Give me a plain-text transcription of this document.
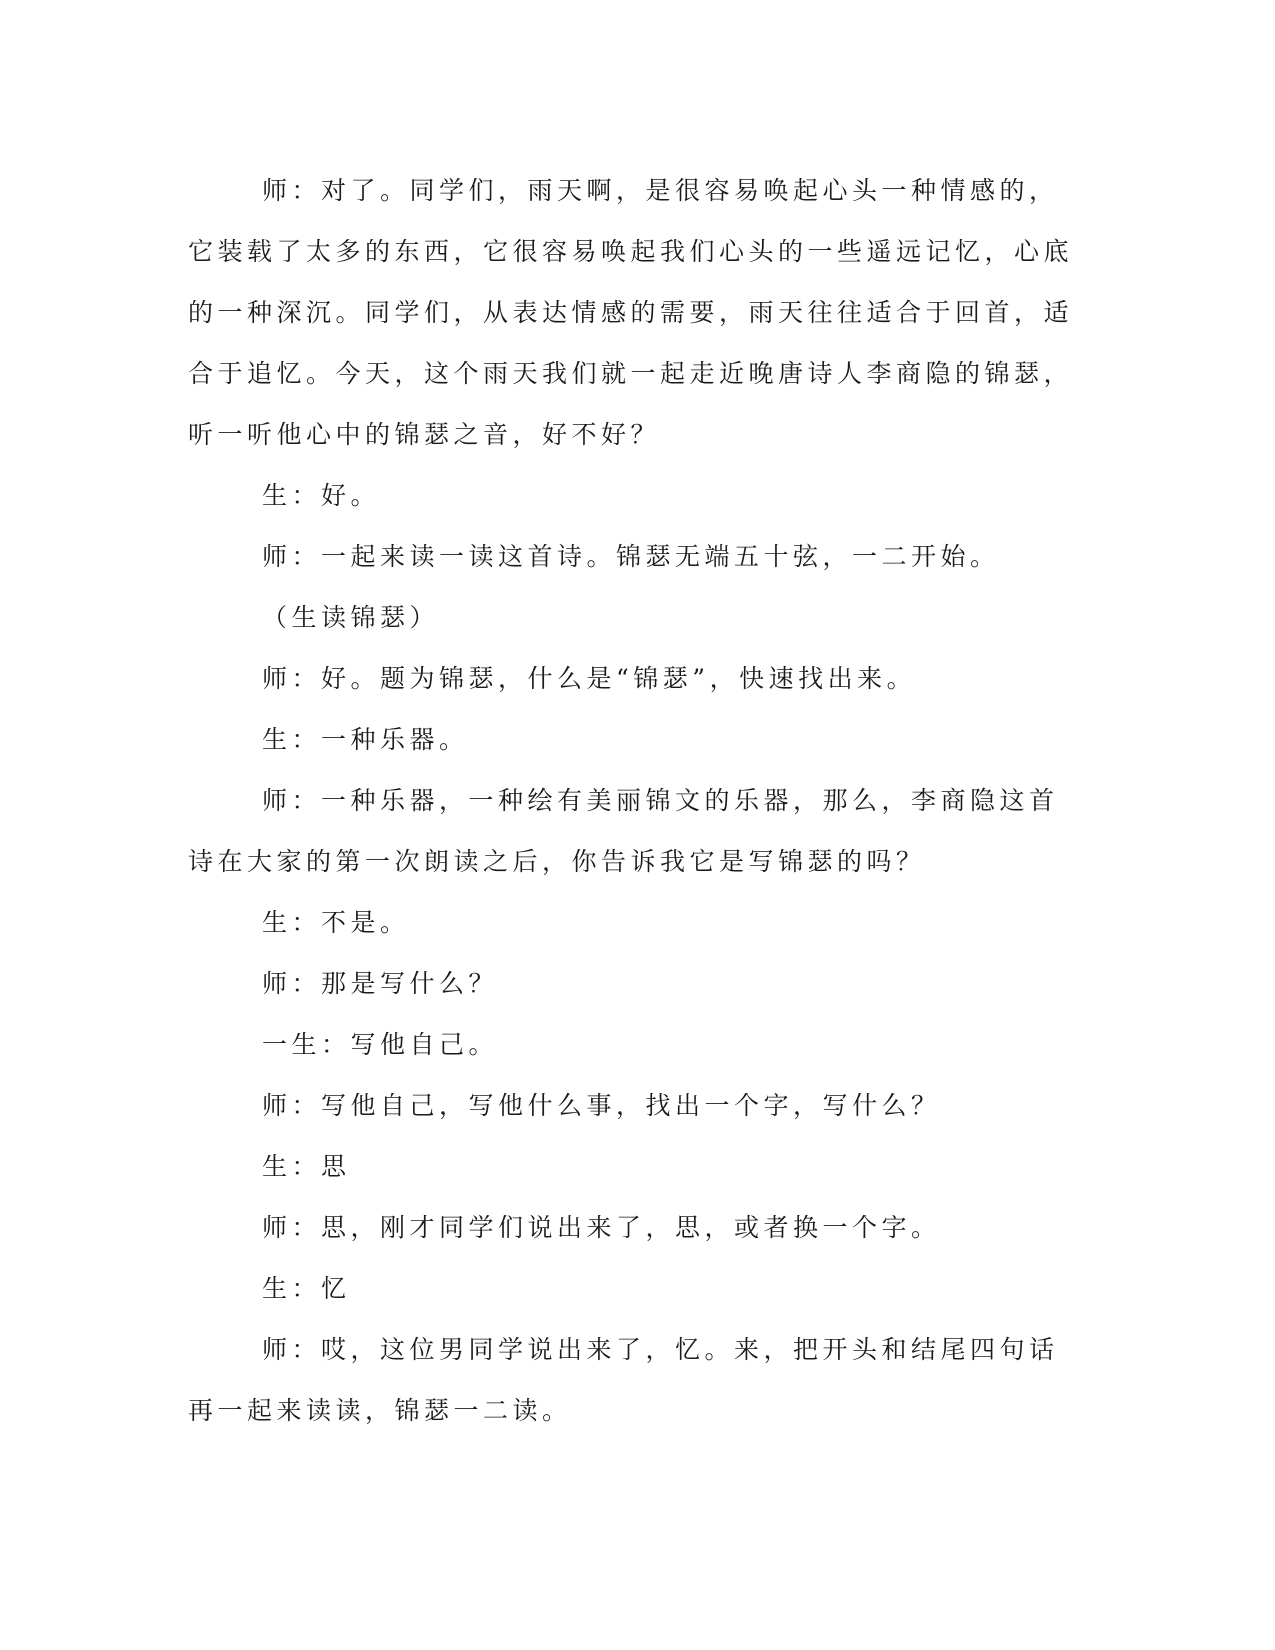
师：对了。同学们，雨天啊，是很容易唤起心头一种情感的，它装载了太多的东西，它很容易唤起我们心头的一些遥远记忆，心底的一种深沉。同学们，从表达情感的需要，雨天往往适合于回首，适合于追忆。今天，这个雨天我们就一起走近晚唐诗人李商隐的锦瑟，听一听他心中的锦瑟之音，好不好？

生：好。

师：一起来读一读这首诗。锦瑟无端五十弦，一二开始。

（生读锦瑟）

师：好。题为锦瑟，什么是“锦瑟”，快速找出来。

生：一种乐器。

师：一种乐器，一种绘有美丽锦文的乐器，那么，李商隐这首诗在大家的第一次朗读之后，你告诉我它是写锦瑟的吗？

生：不是。

师：那是写什么？

一生：写他自己。

师：写他自己，写他什么事，找出一个字，写什么？

生：思

师：思，刚才同学们说出来了，思，或者换一个字。

生：忆

师：哎，这位男同学说出来了，忆。来，把开头和结尾四句话再一起来读读，锦瑟一二读。
